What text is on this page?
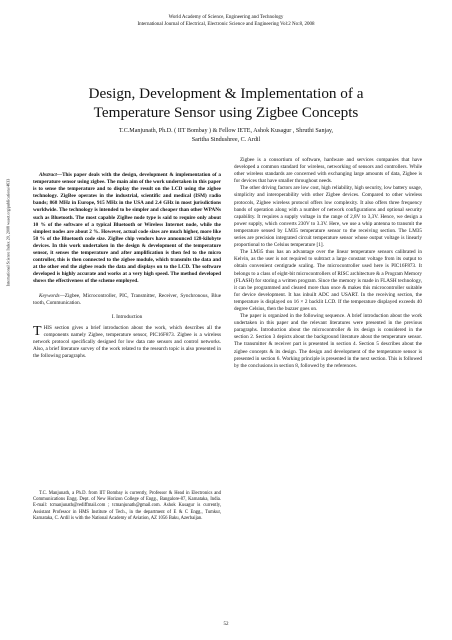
World Academy of Science, Engineering and Technology
International Journal of Electrical, Electronic Science and Engineering Vol:2 No:8, 2008
International Science Index 20, 2008 waset.org/publications/4633
Design, Development & Implementation of a
Temperature Sensor using Zigbee Concepts
T.C.Manjunath, Ph.D. ( IIT Bombay ) & Fellow IETE, Ashok Kusagur , Shruthi Sanjay,
Saritha Sindushree, C. Ardil

Abstract—This paper deals with the design, development & implementation of a temperature sensor using zigbee. The main aim of the work undertaken in this paper is to sense the temperature and to display the result on the LCD using the zigbee technology. ZigBee operates in the industrial, scientific and medical (ISM) radio bands; 868 MHz in Europe, 915 MHz in the USA and 2.4 GHz in most jurisdictions worldwide. The technology is intended to be simpler and cheaper than other WPANs such as Bluetooth. The most capable ZigBee node type is said to require only about 10 % of the software of a typical Bluetooth or Wireless Internet node, while the simplest nodes are about 2 %. However, actual code sizes are much higher, more like 50 % of the Bluetooth code size. ZigBee chip vendors have announced 128-kilobyte devices. In this work undertaken in the design & development of the temperature sensor, it senses the temperature and after amplification is then fed to the micro controller, this is then connected to the zigbee module, which transmits the data and at the other end the zigbee reads the data and displays on to the LCD. The software developed is highly accurate and works at a very high speed. The method developed shows the effectiveness of the scheme employed.

Keywords—Zigbee, Microcontroller, PIC, Transmitter, Receiver, Synchronous, Blue tooth, Communication.

I. Introduction

THIS section gives a brief introduction about the work, which describes all the components namely Zigbee, temperature sensor, PIC16F873. Zigbee is a wireless network protocol specifically designed for low data rate sensors and control networks. Also, a brief literature survey of the work related to the research topic is also presented in the following paragraphs.

T.C. Manjunath, a Ph.D. from IIT Bombay is currently, Professor & Head in Electronics and Communications Engg. Dept. of New Horizon College of Engg., Bangalore-87, Karnataka, India. E-mail: tcmanjunath@rediffmail.com ; tcmanjunath@gmail.com. Ashok Kusagur is currently, Assistant Professor in HMS Institute of Tech., in the department of E & C Engg., Tumkur, Karnataka, C. Ardil is with the National Academy of Aviation, AZ 1056 Baku, Azerbaijan.

Zigbee is a consortium of software, hardware and services companies that have developed a common standard for wireless, networking of sensors and controllers. While other wireless standards are concerned with exchanging large amounts of data, Zigbee is for devices that have smaller throughout needs.

The other driving factors are low cost, high reliability, high security, low battery usage, simplicity and interoperability with other Zigbee devices. Compared to other wireless protocols, Zigbee wireless protocol offers low complexity. It also offers three frequency bands of operation along with a number of network configurations and optional security capability. It requires a supply voltage in the range of 2,8V to 3,3V. Hence, we design a power supply, which converts 230V to 3.3V. Here, we use a whip antenna to transmit the temperature sensed by LM35 temperature sensor to the receiving section. The LM35 series are precision integrated circuit temperature sensor whose output voltage is linearly proportional to the Celsius temperature [1].

The LM35 thus has an advantage over the linear temperature sensors calibrated in Kelvin, as the user is not required to subtract a large constant voltage from its output to obtain convenient centigrade scaling. The microcontroller used here is PIC16F873. It belongs to a class of eight-bit microcontrollers of RISC architecture & a Program Memory (FLASH) for storing a written program. Since the memory is made in FLASH technology, it can be programmed and cleared more than once & makes this microcontroller suitable for device development. It has inbuilt ADC and USART. In the receiving section, the temperature is displayed on 16 × 2 backlit LCD. If the temperature displayed exceeds 40 degree Celsius, then the buzzer goes on.

The paper is organized in the following sequence. A brief introduction about the work undertaken in this paper and the relevant literatures were presented in the previous paragraphs. Introduction about the microcontroller & its design is considered in the section 2. Section 3 depicts about the background literature about the temperature sensor. The transmitter & receiver part is presented in section 4. Section 5 describes about the zigbee concepts & its design. The design and development of the temperature sensor is presented in section 6. Working principle is presented in the next section. This is followed by the conclusions in section 8, followed by the references.

52
